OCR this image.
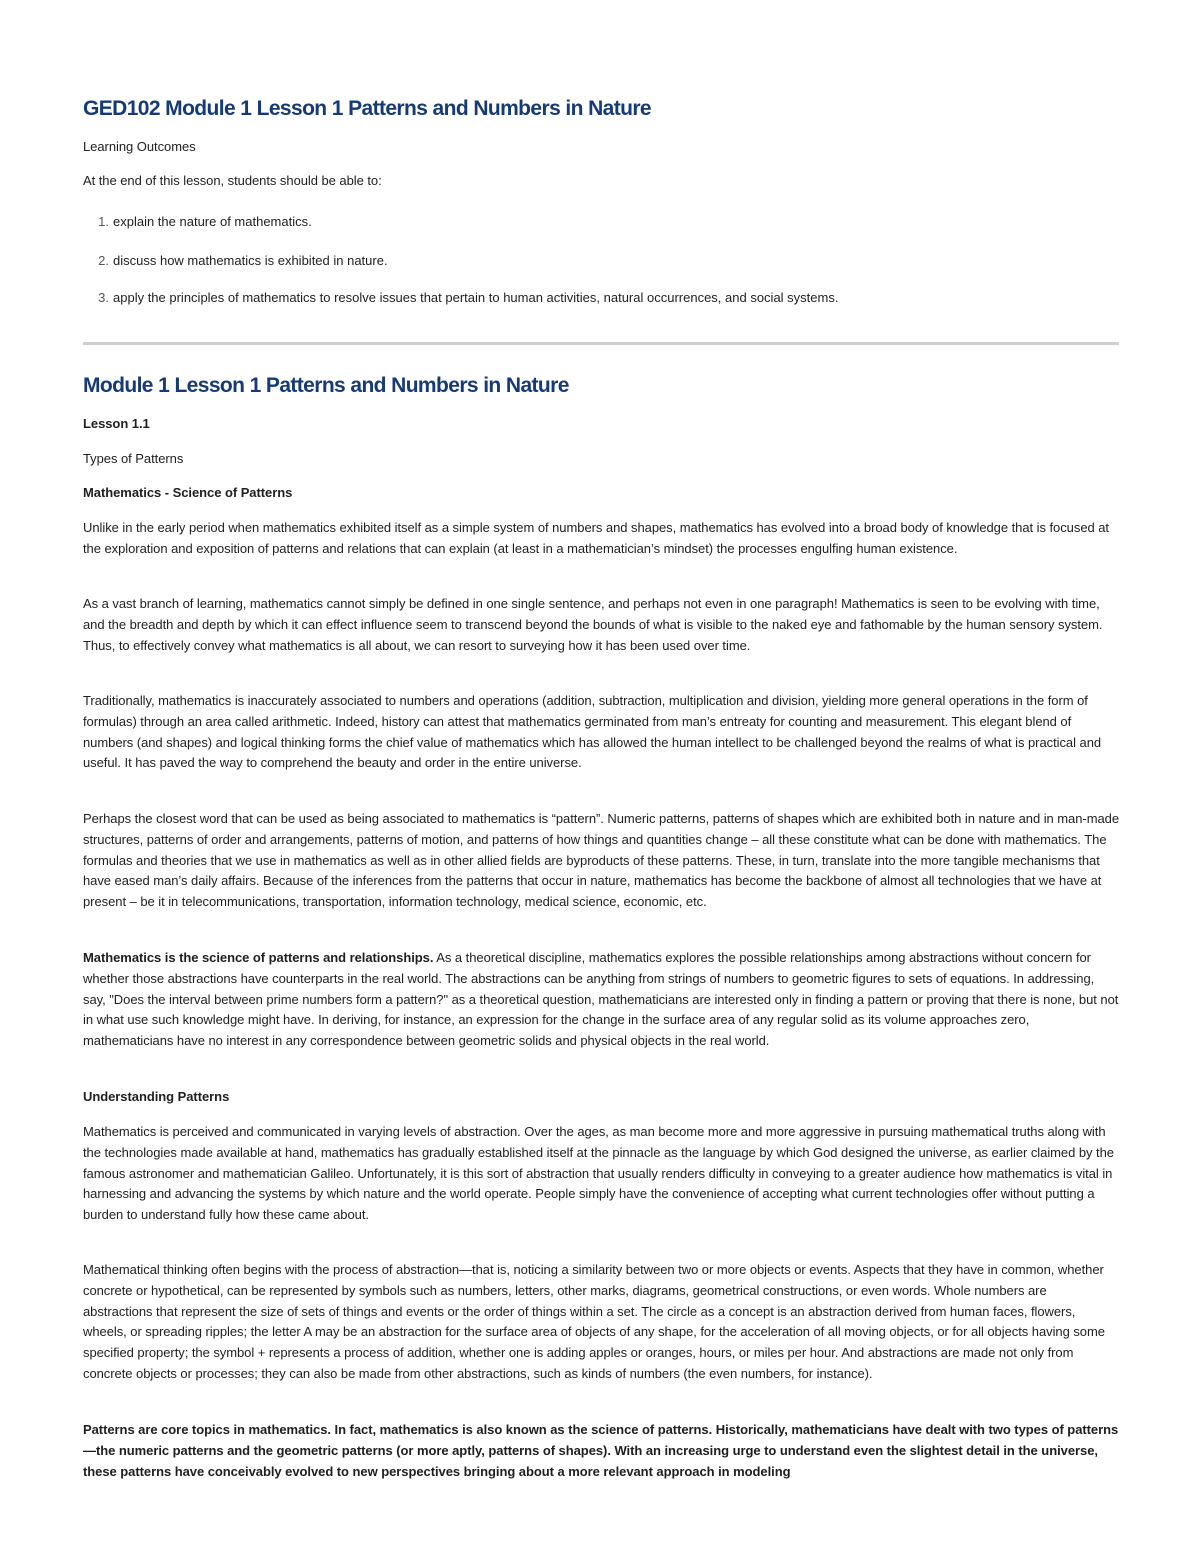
GED102 Module 1 Lesson 1 Patterns and Numbers in Nature

Learning Outcomes

At the end of this lesson, students should be able to:

1. explain the nature of mathematics.
2. discuss how mathematics is exhibited in nature.
3. apply the principles of mathematics to resolve issues that pertain to human activities, natural occurrences, and social systems.
Module 1 Lesson 1 Patterns and Numbers in Nature

Lesson 1.1

Types of Patterns

Mathematics - Science of Patterns

Unlike in the early period when mathematics exhibited itself as a simple system of numbers and shapes, mathematics has evolved into a broad body of knowledge that is focused at the exploration and exposition of patterns and relations that can explain (at least in a mathematician’s mindset) the processes engulfing human existence.

As a vast branch of learning, mathematics cannot simply be defined in one single sentence, and perhaps not even in one paragraph! Mathematics is seen to be evolving with time, and the breadth and depth by which it can effect influence seem to transcend beyond the bounds of what is visible to the naked eye and fathomable by the human sensory system. Thus, to effectively convey what mathematics is all about, we can resort to surveying how it has been used over time.

Traditionally, mathematics is inaccurately associated to numbers and operations (addition, subtraction, multiplication and division, yielding more general operations in the form of formulas) through an area called arithmetic. Indeed, history can attest that mathematics germinated from man’s entreaty for counting and measurement. This elegant blend of numbers (and shapes) and logical thinking forms the chief value of mathematics which has allowed the human intellect to be challenged beyond the realms of what is practical and useful. It has paved the way to comprehend the beauty and order in the entire universe.

Perhaps the closest word that can be used as being associated to mathematics is “pattern”. Numeric patterns, patterns of shapes which are exhibited both in nature and in man-made structures, patterns of order and arrangements, patterns of motion, and patterns of how things and quantities change – all these constitute what can be done with mathematics. The formulas and theories that we use in mathematics as well as in other allied fields are byproducts of these patterns. These, in turn, translate into the more tangible mechanisms that have eased man’s daily affairs. Because of the inferences from the patterns that occur in nature, mathematics has become the backbone of almost all technologies that we have at present – be it in telecommunications, transportation, information technology, medical science, economic, etc.

Mathematics is the science of patterns and relationships. As a theoretical discipline, mathematics explores the possible relationships among abstractions without concern for whether those abstractions have counterparts in the real world. The abstractions can be anything from strings of numbers to geometric figures to sets of equations. In addressing, say, "Does the interval between prime numbers form a pattern?" as a theoretical question, mathematicians are interested only in finding a pattern or proving that there is none, but not in what use such knowledge might have. In deriving, for instance, an expression for the change in the surface area of any regular solid as its volume approaches zero, mathematicians have no interest in any correspondence between geometric solids and physical objects in the real world.

Understanding Patterns

Mathematics is perceived and communicated in varying levels of abstraction. Over the ages, as man become more and more aggressive in pursuing mathematical truths along with the technologies made available at hand, mathematics has gradually established itself at the pinnacle as the language by which God designed the universe, as earlier claimed by the famous astronomer and mathematician Galileo. Unfortunately, it is this sort of abstraction that usually renders difficulty in conveying to a greater audience how mathematics is vital in harnessing and advancing the systems by which nature and the world operate. People simply have the convenience of accepting what current technologies offer without putting a burden to understand fully how these came about.

Mathematical thinking often begins with the process of abstraction—that is, noticing a similarity between two or more objects or events. Aspects that they have in common, whether concrete or hypothetical, can be represented by symbols such as numbers, letters, other marks, diagrams, geometrical constructions, or even words. Whole numbers are abstractions that represent the size of sets of things and events or the order of things within a set. The circle as a concept is an abstraction derived from human faces, flowers, wheels, or spreading ripples; the letter A may be an abstraction for the surface area of objects of any shape, for the acceleration of all moving objects, or for all objects having some specified property; the symbol + represents a process of addition, whether one is adding apples or oranges, hours, or miles per hour. And abstractions are made not only from concrete objects or processes; they can also be made from other abstractions, such as kinds of numbers (the even numbers, for instance).

Patterns are core topics in mathematics. In fact, mathematics is also known as the science of patterns. Historically, mathematicians have dealt with two types of patterns—the numeric patterns and the geometric patterns (or more aptly, patterns of shapes). With an increasing urge to understand even the slightest detail in the universe, these patterns have conceivably evolved to new perspectives bringing about a more relevant approach in modeling
